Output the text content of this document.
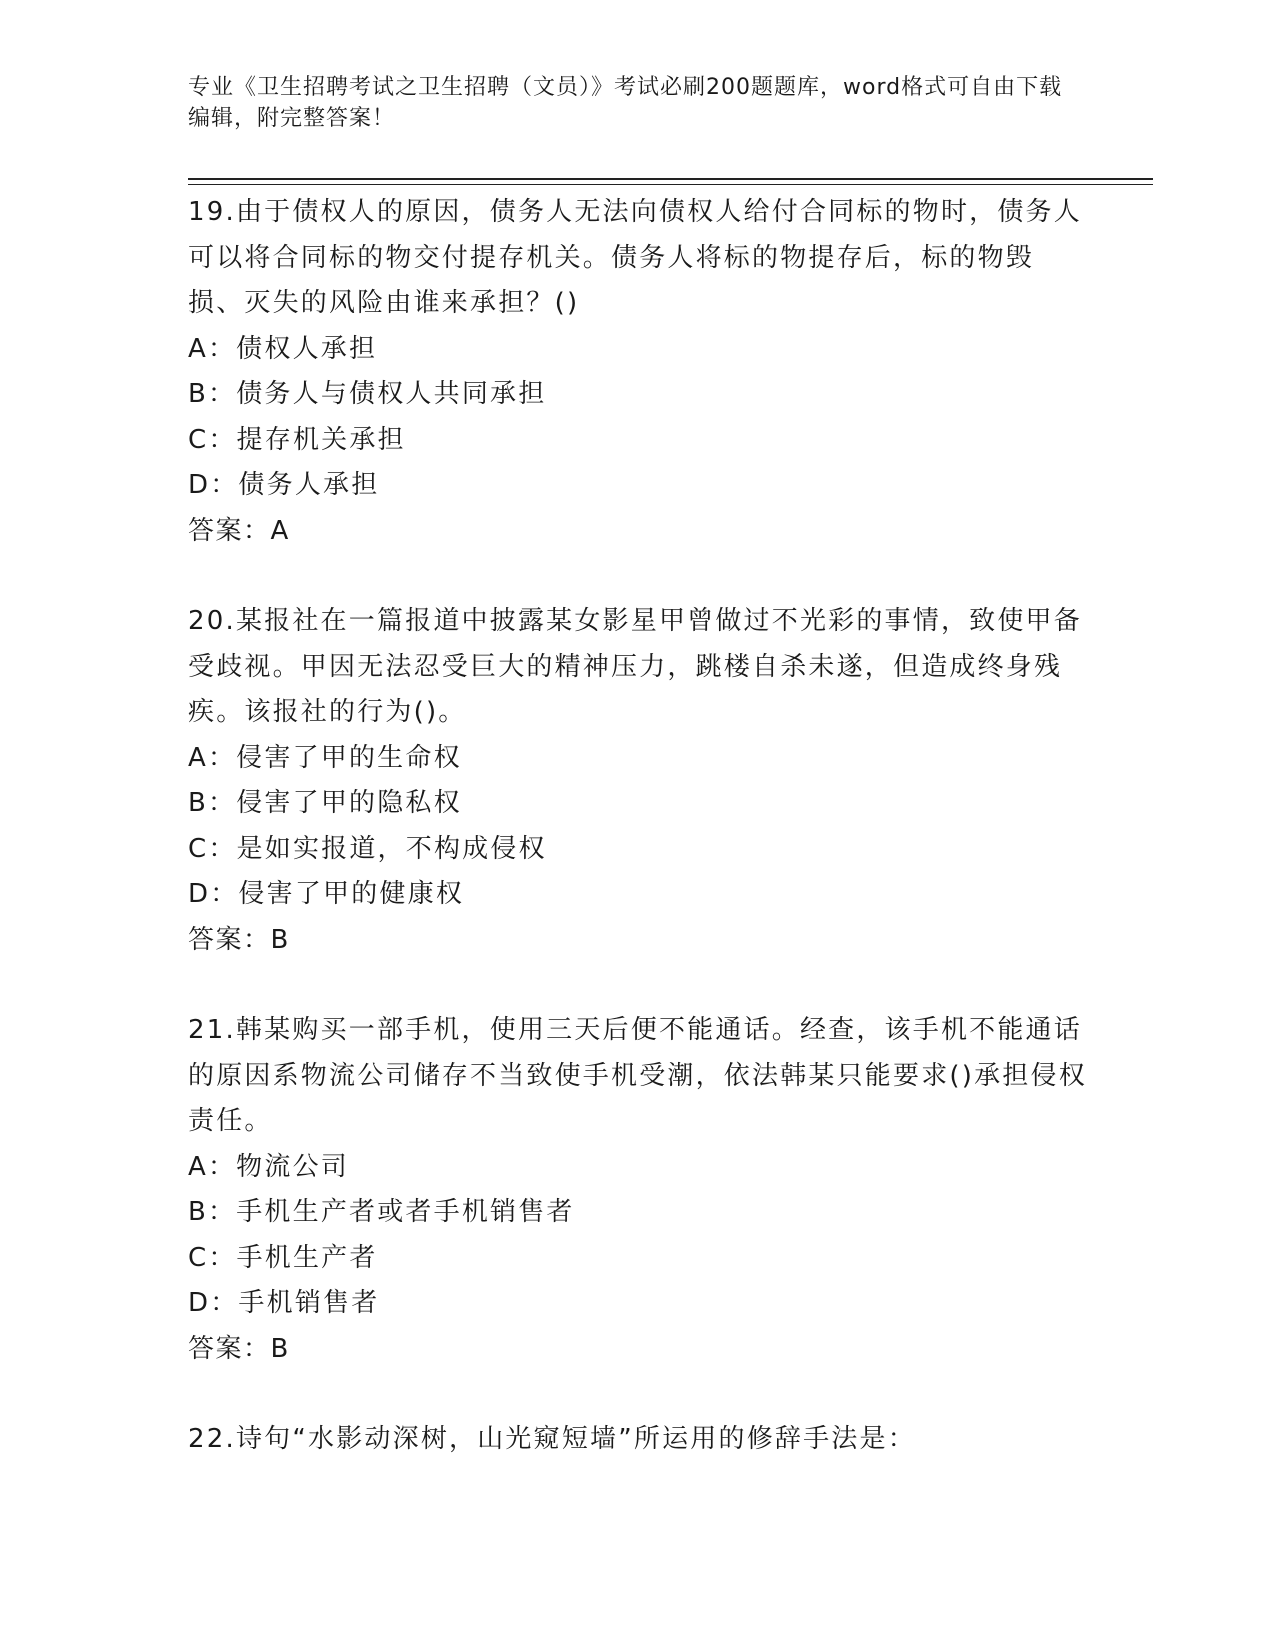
专业《卫生招聘考试之卫生招聘（文员）》考试必刷200题题库，word格式可自由下载编辑，附完整答案！

19.由于债权人的原因，债务人无法向债权人给付合同标的物时，债务人可以将合同标的物交付提存机关。债务人将标的物提存后，标的物毁损、灭失的风险由谁来承担？()

A：债权人承担

B：债务人与债权人共同承担

C：提存机关承担

D：债务人承担

答案：A

20.某报社在一篇报道中披露某女影星甲曾做过不光彩的事情，致使甲备受歧视。甲因无法忍受巨大的精神压力，跳楼自杀未遂，但造成终身残疾。该报社的行为()。

A：侵害了甲的生命权

B：侵害了甲的隐私权

C：是如实报道，不构成侵权

D：侵害了甲的健康权

答案：B

21.韩某购买一部手机，使用三天后便不能通话。经查，该手机不能通话的原因系物流公司储存不当致使手机受潮，依法韩某只能要求()承担侵权责任。

A：物流公司

B：手机生产者或者手机销售者

C：手机生产者

D：手机销售者

答案：B

22.诗句“水影动深树，山光窥短墙”所运用的修辞手法是：
